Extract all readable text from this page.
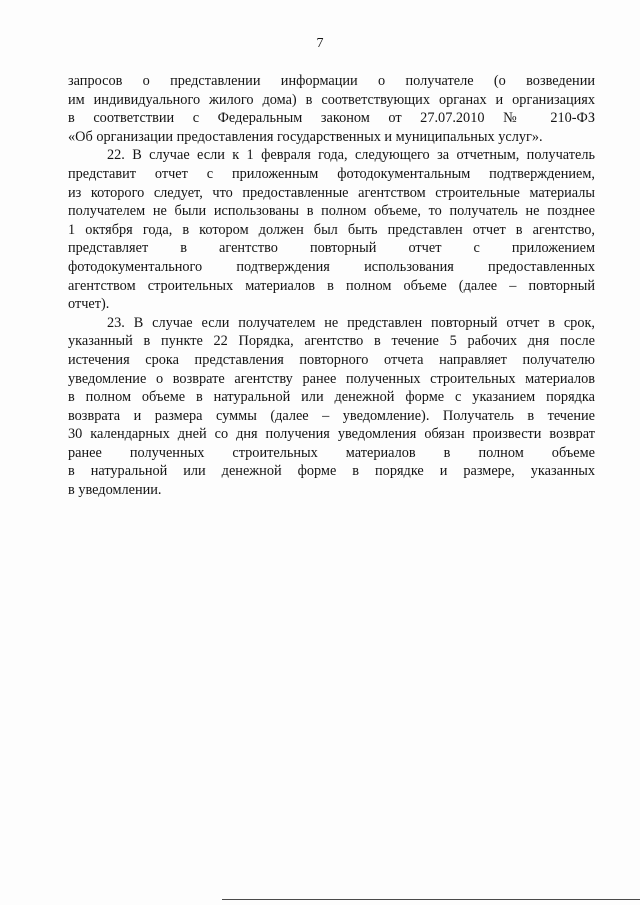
7
запросов о представлении информации о получателе (о возведении
им индивидуального жилого дома) в соответствующих органах и организациях
в соответствии с Федеральным законом от 27.07.2010 № 210-ФЗ
«Об организации предоставления государственных и муниципальных услуг».
22. В случае если к 1 февраля года, следующего за отчетным, получатель
представит отчет с приложенным фотодокументальным подтверждением,
из которого следует, что предоставленные агентством строительные материалы
получателем не были использованы в полном объеме, то получатель не позднее
1 октября года, в котором должен был быть представлен отчет в агентство,
представляет в агентство повторный отчет с приложением
фотодокументального подтверждения использования предоставленных
агентством строительных материалов в полном объеме (далее – повторный
отчет).
23. В случае если получателем не представлен повторный отчет в срок,
указанный в пункте 22 Порядка, агентство в течение 5 рабочих дня после
истечения срока представления повторного отчета направляет получателю
уведомление о возврате агентству ранее полученных строительных материалов
в полном объеме в натуральной или денежной форме с указанием порядка
возврата и размера суммы (далее – уведомление). Получатель в течение
30 календарных дней со дня получения уведомления обязан произвести возврат
ранее полученных строительных материалов в полном объеме
в натуральной или денежной форме в порядке и размере, указанных
в уведомлении.
